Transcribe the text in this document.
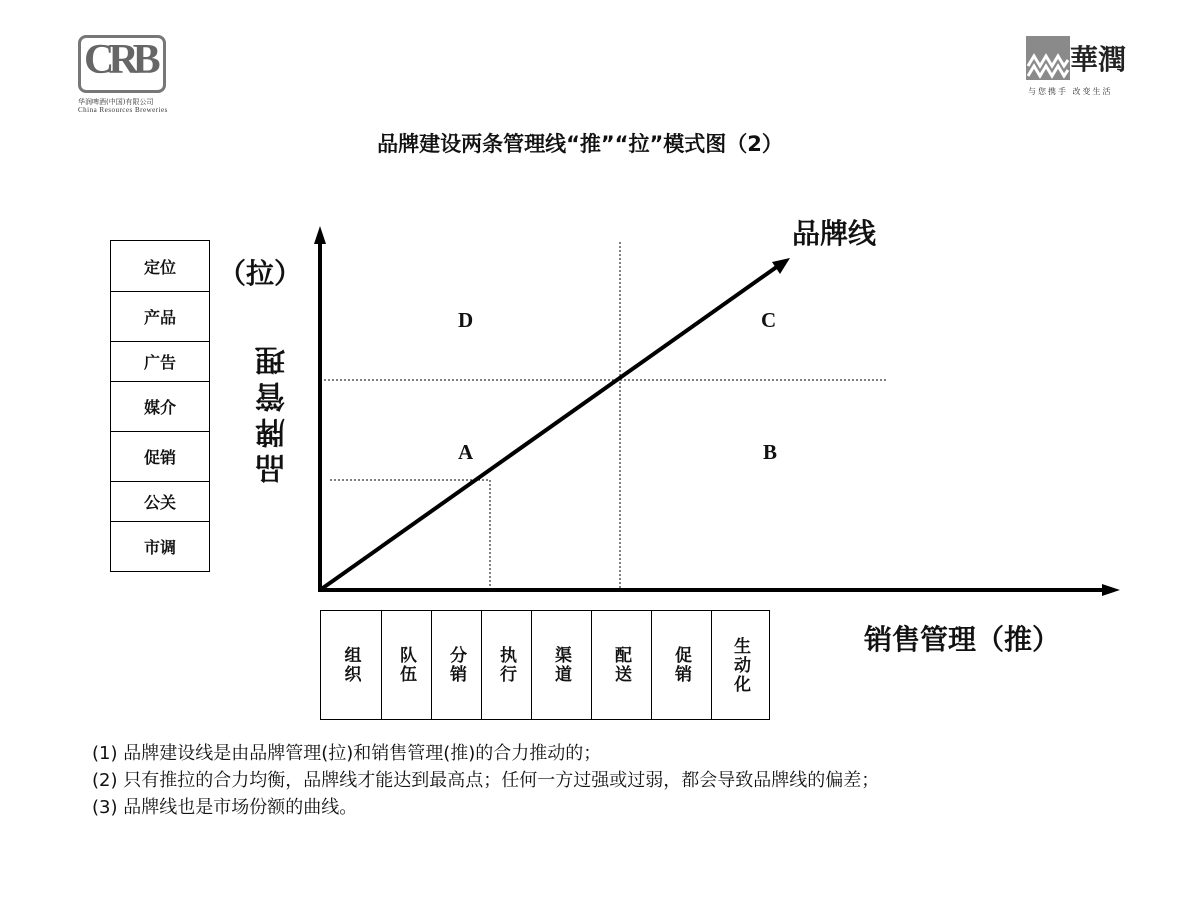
CRB
华润啤酒(中国)有限公司
China Resources Breweries
華潤
与您携手 改变生活
品牌建设两条管理线“推”“拉”模式图（2）
定位
产品
广告
媒介
促销
公关
市调
（拉）
品牌管理
品牌线
D	C
A	B
组织	队伍	分销	执行	渠道	配送	促销	生动化	销售管理（推）
(1) 品牌建设线是由品牌管理(拉)和销售管理(推)的合力推动的；
(2) 只有推拉的合力均衡，品牌线才能达到最高点；任何一方过强或过弱，都会导致品牌线的偏差；
(3) 品牌线也是市场份额的曲线。
